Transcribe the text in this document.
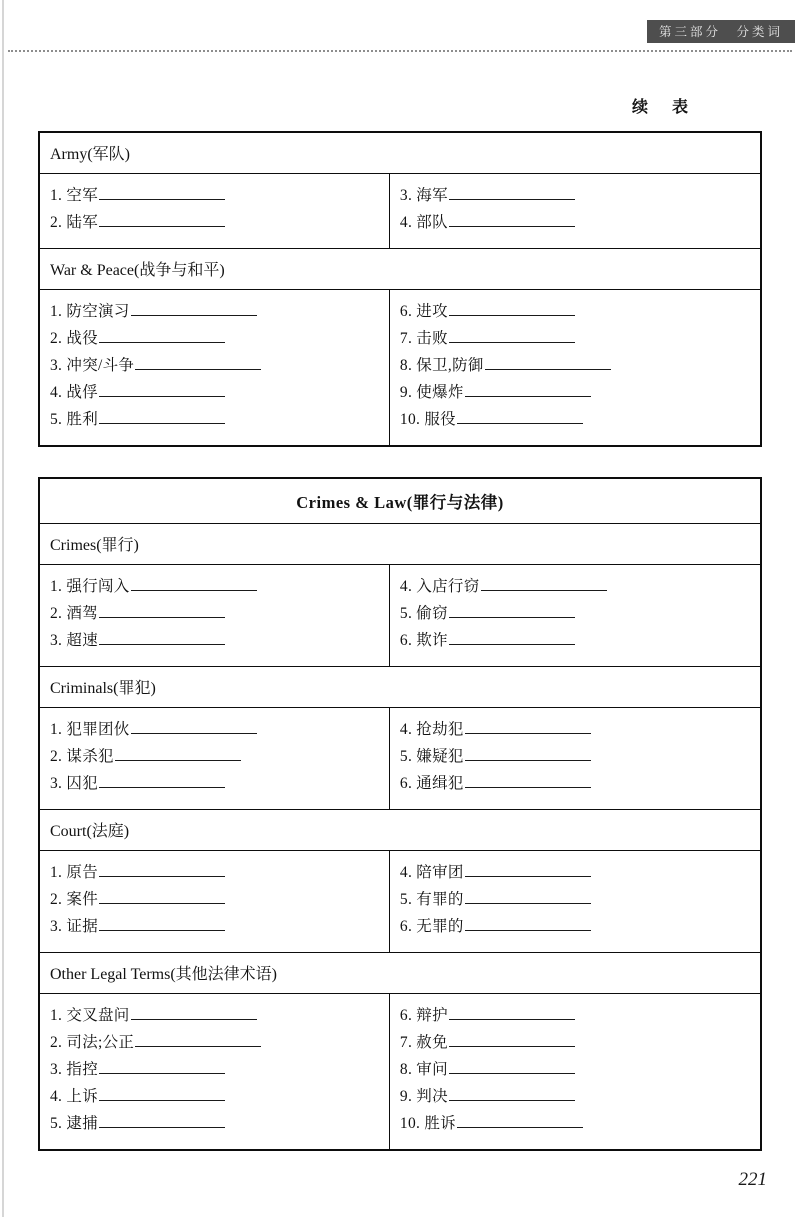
第三部分　分类词
续　表
Army(军队)
1. 空军
2. 陆军
3. 海军
4. 部队
War & Peace(战争与和平)
1. 防空演习
2. 战役
3. 冲突/斗争
4. 战俘
5. 胜利
6. 进攻
7. 击败
8. 保卫,防御
9. 使爆炸
10. 服役
Crimes & Law(罪行与法律)
Crimes(罪行)
1. 强行闯入
2. 酒驾
3. 超速
4. 入店行窃
5. 偷窃
6. 欺诈
Criminals(罪犯)
1. 犯罪团伙
2. 谋杀犯
3. 囚犯
4. 抢劫犯
5. 嫌疑犯
6. 通缉犯
Court(法庭)
1. 原告
2. 案件
3. 证据
4. 陪审团
5. 有罪的
6. 无罪的
Other Legal Terms(其他法律术语)
1. 交叉盘问
2. 司法;公正
3. 指控
4. 上诉
5. 逮捕
6. 辩护
7. 赦免
8. 审问
9. 判决
10. 胜诉
221
